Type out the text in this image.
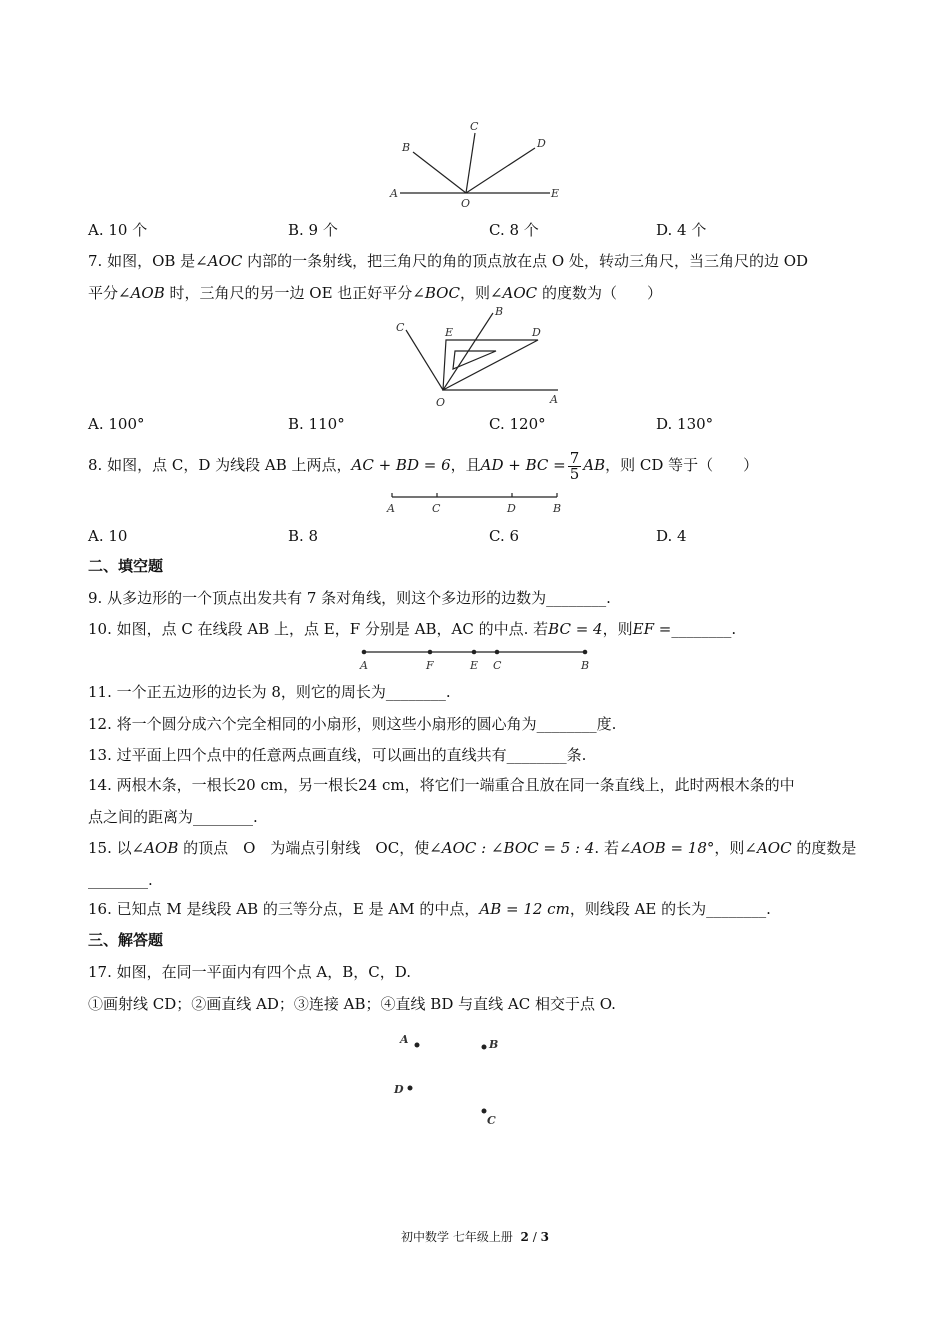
A
B
C
D
E
O
A. 10 个	B. 9 个	C. 8 个	D. 4 个
7. 如图，OB 是∠AOC 内部的一条射线，把三角尺的角的顶点放在点 O 处，转动三角尺，当三角尺的边 OD
平分∠AOB 时，三角尺的另一边 OE 也正好平分∠BOC，则∠AOC 的度数为（　　）
A
B
C	D
E
O
A. 100°	B. 110°	C. 120°	D. 130°
8. 如图，点 C，D 为线段 AB 上两点，AC + BD = 6，且AD + BC = $\frac{7}{5}$ AB，则 CD 等于（　　）
A	C	D	B
A. 10	B. 8	C. 6	D. 4
二、填空题
9. 从多边形的一个顶点出发共有 7 条对角线，则这个多边形的边数为________.
10. 如图，点 C 在线段 AB 上，点 E，F 分别是 AB，AC 的中点. 若BC = 4，则EF =________.
A	F	E C	B
11. 一个正五边形的边长为 8，则它的周长为________.
12. 将一个圆分成六个完全相同的小扇形，则这些小扇形的圆心角为________度.
13. 过平面上四个点中的任意两点画直线，可以画出的直线共有________条.
14. 两根木条，一根长20 cm，另一根长24 cm，将它们一端重合且放在同一条直线上，此时两根木条的中
点之间的距离为________.
15. 以∠AOB 的顶点　O　为端点引射线　OC，使∠AOC : ∠BOC = 5 : 4. 若∠AOB = 18°，则∠AOC 的度数是
________.
16. 已知点 M 是线段 AB 的三等分点，E 是 AM 的中点，AB = 12 cm，则线段 AE 的长为________.
三、解答题
17. 如图，在同一平面内有四个点 A，B，C，D.
①画射线 CD；②画直线 AD；③连接 AB；④直线 BD 与直线 AC 相交于点 O.
A	B
D
C
初中数学 七年级上册 2 / 3
